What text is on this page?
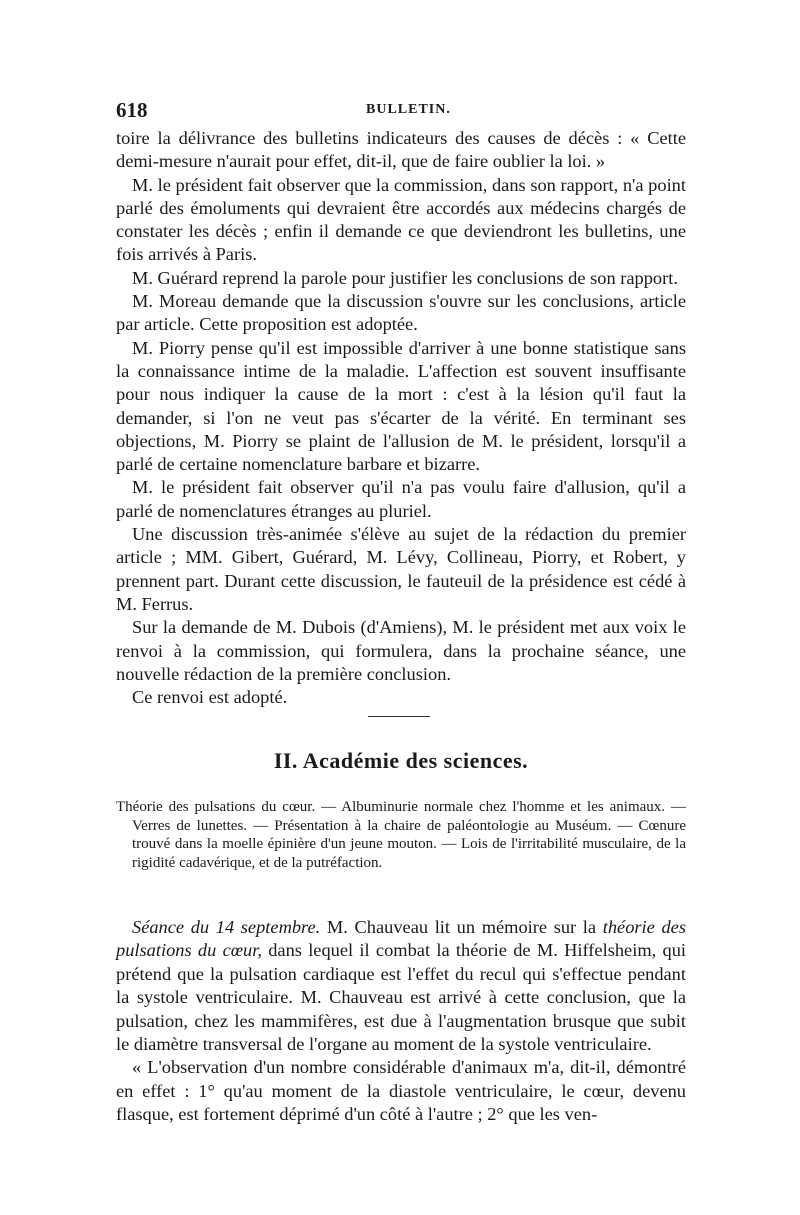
618	BULLETIN.

toire la délivrance des bulletins indicateurs des causes de décès : « Cette demi-mesure n'aurait pour effet, dit-il, que de faire oublier la loi. »

M. le président fait observer que la commission, dans son rapport, n'a point parlé des émoluments qui devraient être accordés aux médecins chargés de constater les décès ; enfin il demande ce que deviendront les bulletins, une fois arrivés à Paris.

M. Guérard reprend la parole pour justifier les conclusions de son rapport.

M. Moreau demande que la discussion s'ouvre sur les conclusions, article par article. Cette proposition est adoptée.

M. Piorry pense qu'il est impossible d'arriver à une bonne statistique sans la connaissance intime de la maladie. L'affection est souvent insuffisante pour nous indiquer la cause de la mort : c'est à la lésion qu'il faut la demander, si l'on ne veut pas s'écarter de la vérité. En terminant ses objections, M. Piorry se plaint de l'allusion de M. le président, lorsqu'il a parlé de certaine nomenclature barbare et bizarre.

M. le président fait observer qu'il n'a pas voulu faire d'allusion, qu'il a parlé de nomenclatures étranges au pluriel.

Une discussion très-animée s'élève au sujet de la rédaction du premier article ; MM. Gibert, Guérard, M. Lévy, Collineau, Piorry, et Robert, y prennent part. Durant cette discussion, le fauteuil de la présidence est cédé à M. Ferrus.

Sur la demande de M. Dubois (d'Amiens), M. le président met aux voix le renvoi à la commission, qui formulera, dans la prochaine séance, une nouvelle rédaction de la première conclusion.

Ce renvoi est adopté.

II. Académie des sciences.

Théorie des pulsations du cœur. — Albuminurie normale chez l'homme et les animaux. — Verres de lunettes. — Présentation à la chaire de paléontologie au Muséum. — Cœnure trouvé dans la moelle épinière d'un jeune mouton. — Lois de l'irritabilité musculaire, de la rigidité cadavérique, et de la putréfaction.

Séance du 14 septembre. M. Chauveau lit un mémoire sur la théorie des pulsations du cœur, dans lequel il combat la théorie de M. Hiffelsheim, qui prétend que la pulsation cardiaque est l'effet du recul qui s'effectue pendant la systole ventriculaire. M. Chauveau est arrivé à cette conclusion, que la pulsation, chez les mammifères, est due à l'augmentation brusque que subit le diamètre transversal de l'organe au moment de la systole ventriculaire.

« L'observation d'un nombre considérable d'animaux m'a, dit-il, démontré en effet : 1° qu'au moment de la diastole ventriculaire, le cœur, devenu flasque, est fortement déprimé d'un côté à l'autre ; 2° que les ven-
